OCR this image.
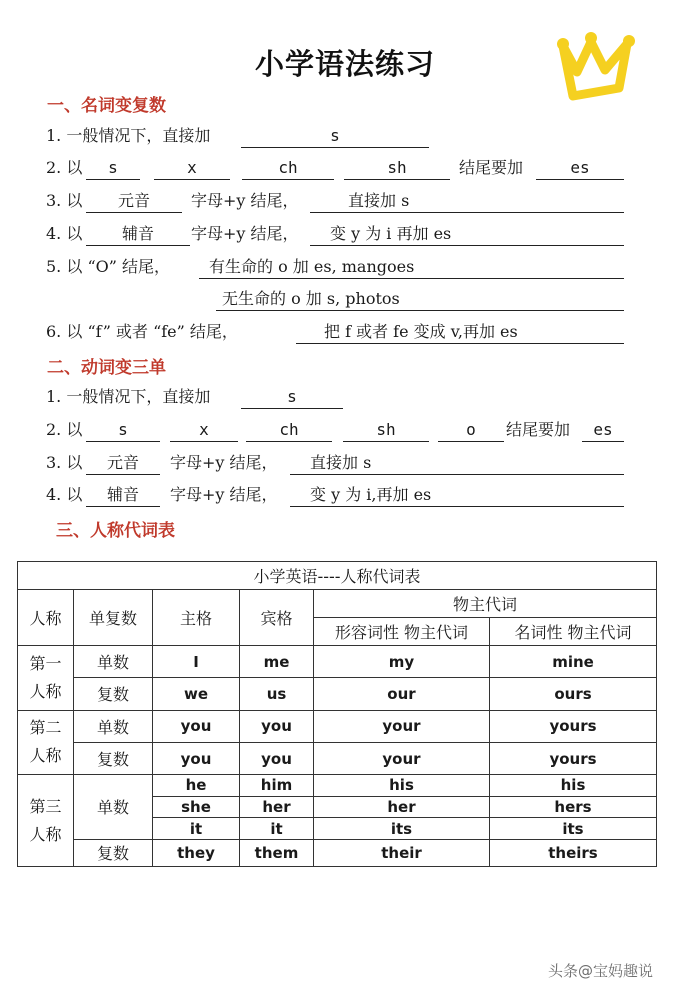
小学语法练习
一、名词变复数
1. 一般情况下，直接加	s
2. 以	s	x	ch	sh	结尾要加	es
3. 以	元音	字母+y 结尾，	直接加 s
4. 以	辅音	字母+y 结尾，	变 y 为 i 再加 es
5. 以 “O” 结尾，	有生命的 o 加 es, mangoes
无生命的 o 加 s, photos
6. 以 “f” 或者 “fe” 结尾，	把 f 或者 fe 变成 v,再加 es
二、动词变三单
1. 一般情况下，直接加	s
2. 以	s	x	ch	sh	o	结尾要加	es
3. 以	元音	字母+y 结尾，	直接加 s
4. 以	辅音	字母+y 结尾，	变 y 为 i,再加 es
三、人称代词表
小学英语----人称代词表					
人称	单复数	主格	宾格	物主代词	
				形容词性 物主代词	名词性 物主代词
第一
人称	单数	I	me	my	mine
	复数	we	us	our	ours
第二
人称	单数	you	you	your	yours
	复数	you	you	your	yours
第三
人称	单数	he	him	his	his
		she	her	her	hers
		it	it	its	its
	复数	they	them	their	theirs
头条@宝妈趣说
